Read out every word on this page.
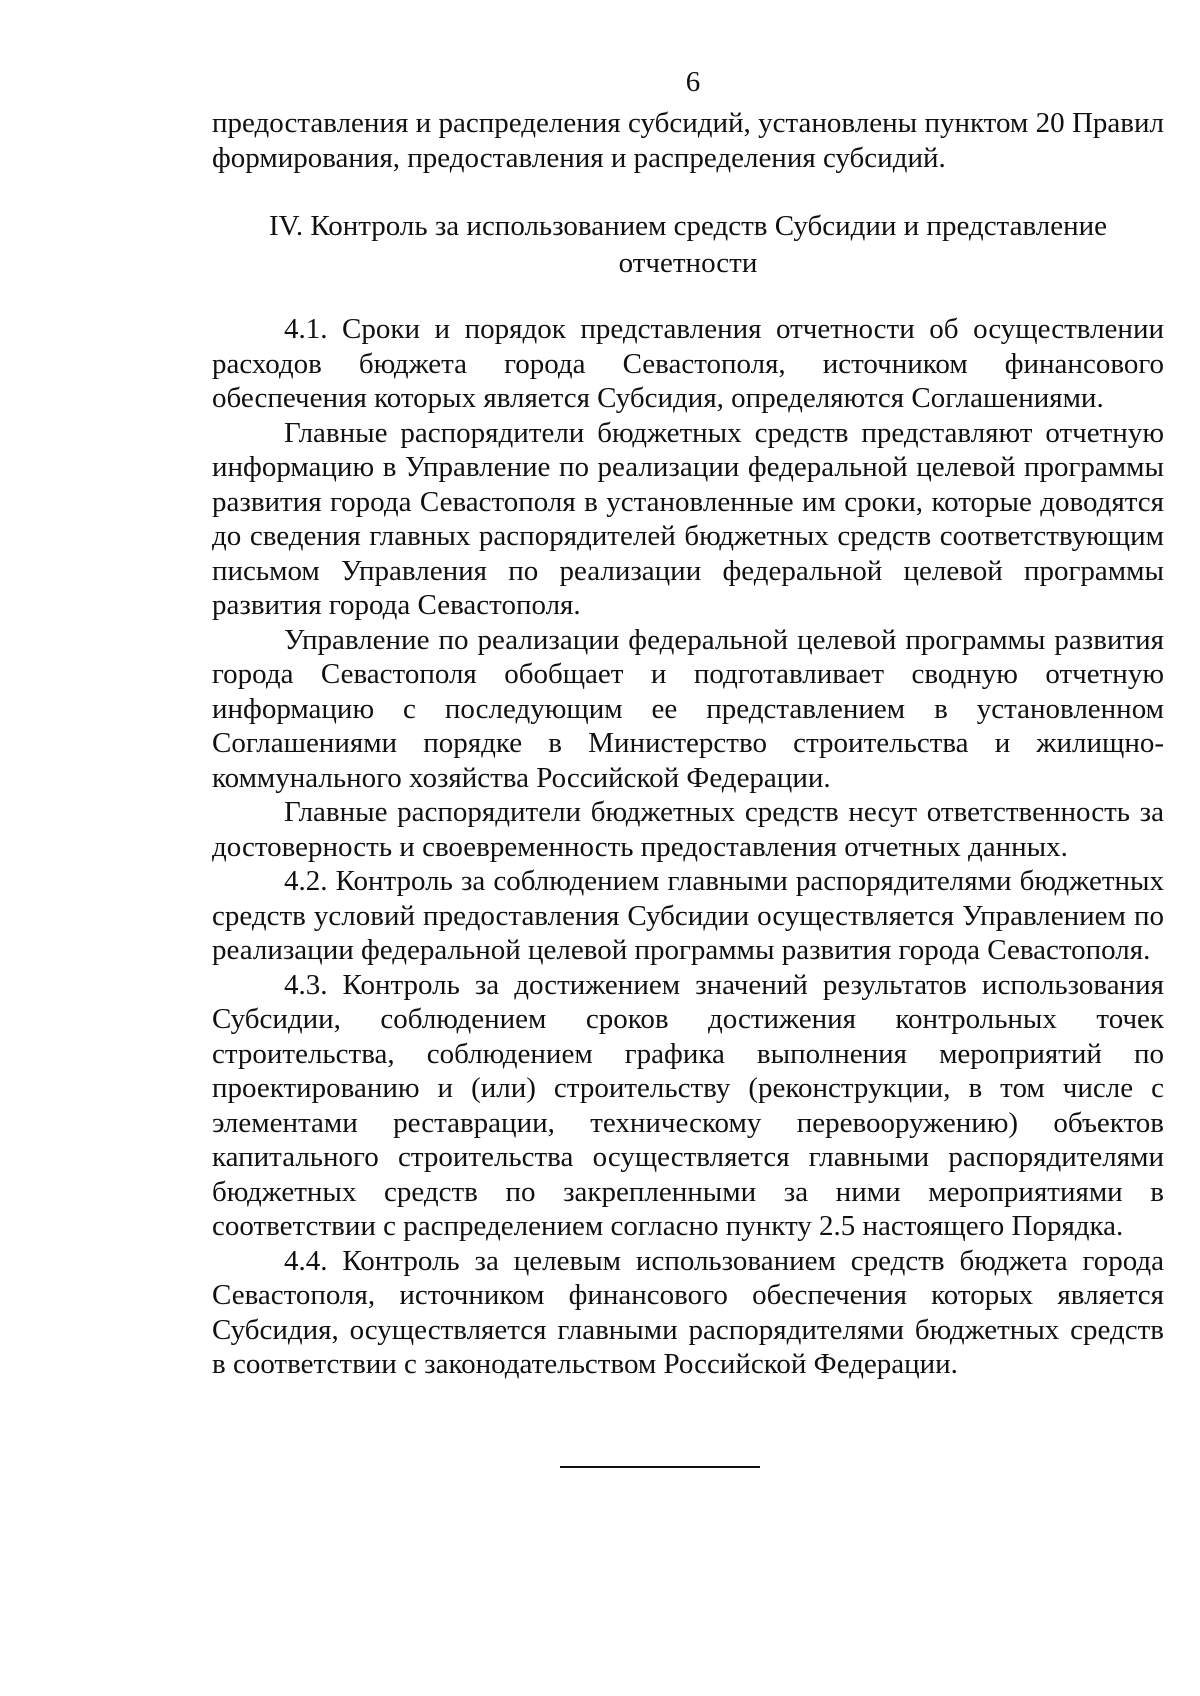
6

предоставления и распределения субсидий, установлены пунктом 20 Правил формирования, предоставления и распределения субсидий.

IV. Контроль за использованием средств Субсидии и представление
отчетности

4.1. Сроки и порядок представления отчетности об осуществлении расходов бюджета города Севастополя, источником финансового обеспечения которых является Субсидия, определяются Соглашениями.

Главные распорядители бюджетных средств представляют отчетную информацию в Управление по реализации федеральной целевой программы развития города Севастополя в установленные им сроки, которые доводятся до сведения главных распорядителей бюджетных средств соответствующим письмом Управления по реализации федеральной целевой программы развития города Севастополя.

Управление по реализации федеральной целевой программы развития города Севастополя обобщает и подготавливает сводную отчетную информацию с последующим ее представлением в установленном Соглашениями порядке в Министерство строительства и жилищно-коммунального хозяйства Российской Федерации.

Главные распорядители бюджетных средств несут ответственность за достоверность и своевременность предоставления отчетных данных.

4.2. Контроль за соблюдением главными распорядителями бюджетных средств условий предоставления Субсидии осуществляется Управлением по реализации федеральной целевой программы развития города Севастополя.

4.3. Контроль за достижением значений результатов использования Субсидии, соблюдением сроков достижения контрольных точек строительства, соблюдением графика выполнения мероприятий по проектированию и (или) строительству (реконструкции, в том числе с элементами реставрации, техническому перевооружению) объектов капитального строительства осуществляется главными распорядителями бюджетных средств по закрепленными за ними мероприятиями в соответствии с распределением согласно пункту 2.5 настоящего Порядка.

4.4. Контроль за целевым использованием средств бюджета города Севастополя, источником финансового обеспечения которых является Субсидия, осуществляется главными распорядителями бюджетных средств в соответствии с законодательством Российской Федерации.
